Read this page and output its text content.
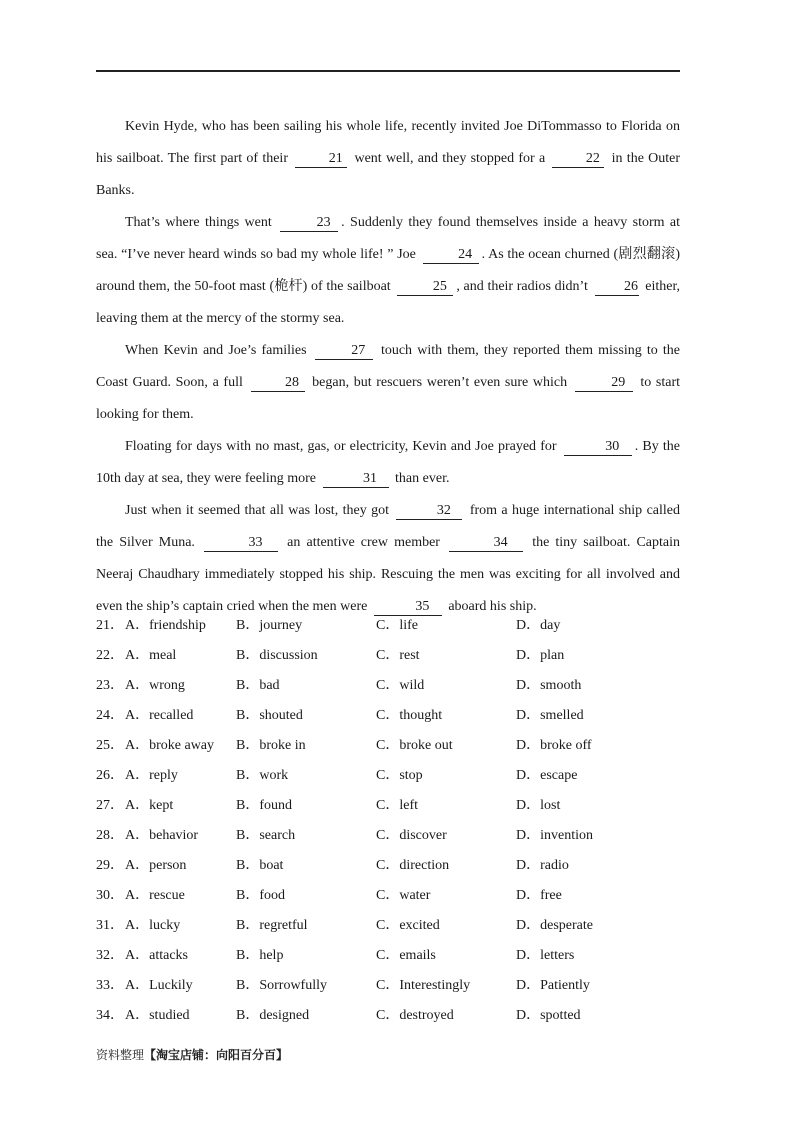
Kevin Hyde, who has been sailing his whole life, recently invited Joe DiTommasso to Florida on his sailboat. The first part of their	21 went well, and they stopped for a	22 in the Outer Banks.

That’s where things went	23 . Suddenly they found themselves inside a heavy storm at sea. “I’ve never heard winds so bad my whole life! ” Joe	24 . As the ocean churned (剧烈翻滚) around them, the 50-foot mast (桅杆) of the sailboat	25 , and their radios didn’t	26 either, leaving them at the mercy of the stormy sea.

When Kevin and Joe’s families	27 touch with them, they reported them missing to the Coast Guard. Soon, a full	28 began, but rescuers weren’t even sure which	29 to start looking for them.

Floating for days with no mast, gas, or electricity, Kevin and Joe prayed for	30 . By the 10th day at sea, they were feeling more	31 than ever.

Just when it seemed that all was lost, they got	32 from a huge international ship called the Silver Muna.	33 an attentive crew member	34 the tiny sailboat. Captain Neeraj Chaudhary immediately stopped his ship. Rescuing the men was exciting for all involved and even the ship’s captain cried when the men were	35 aboard his ship.

21． A．friendship B．journey	C．life	D．day
22． A．meal	B．discussion	C．rest	D．plan
23． A．wrong	B．bad	C．wild	D．smooth
24． A．recalled	B．shouted	C．thought	D．smelled
25． A．broke away B．broke in	C．broke out	D．broke off
26． A．reply	B．work	C．stop	D．escape
27． A．kept	B．found	C．left	D．lost
28． A．behavior	B．search	C．discover	D．invention
29． A．person	B．boat	C．direction	D．radio
30． A．rescue	B．food	C．water	D．free
31． A．lucky	B．regretful	C．excited	D．desperate
32． A．attacks	B．help	C．emails	D．letters
33． A．Luckily	B．Sorrowfully	C．Interestingly	D．Patiently
34． A．studied	B．designed	C．destroyed	D．spotted
资料整理【淘宝店铺：向阳百分百】
